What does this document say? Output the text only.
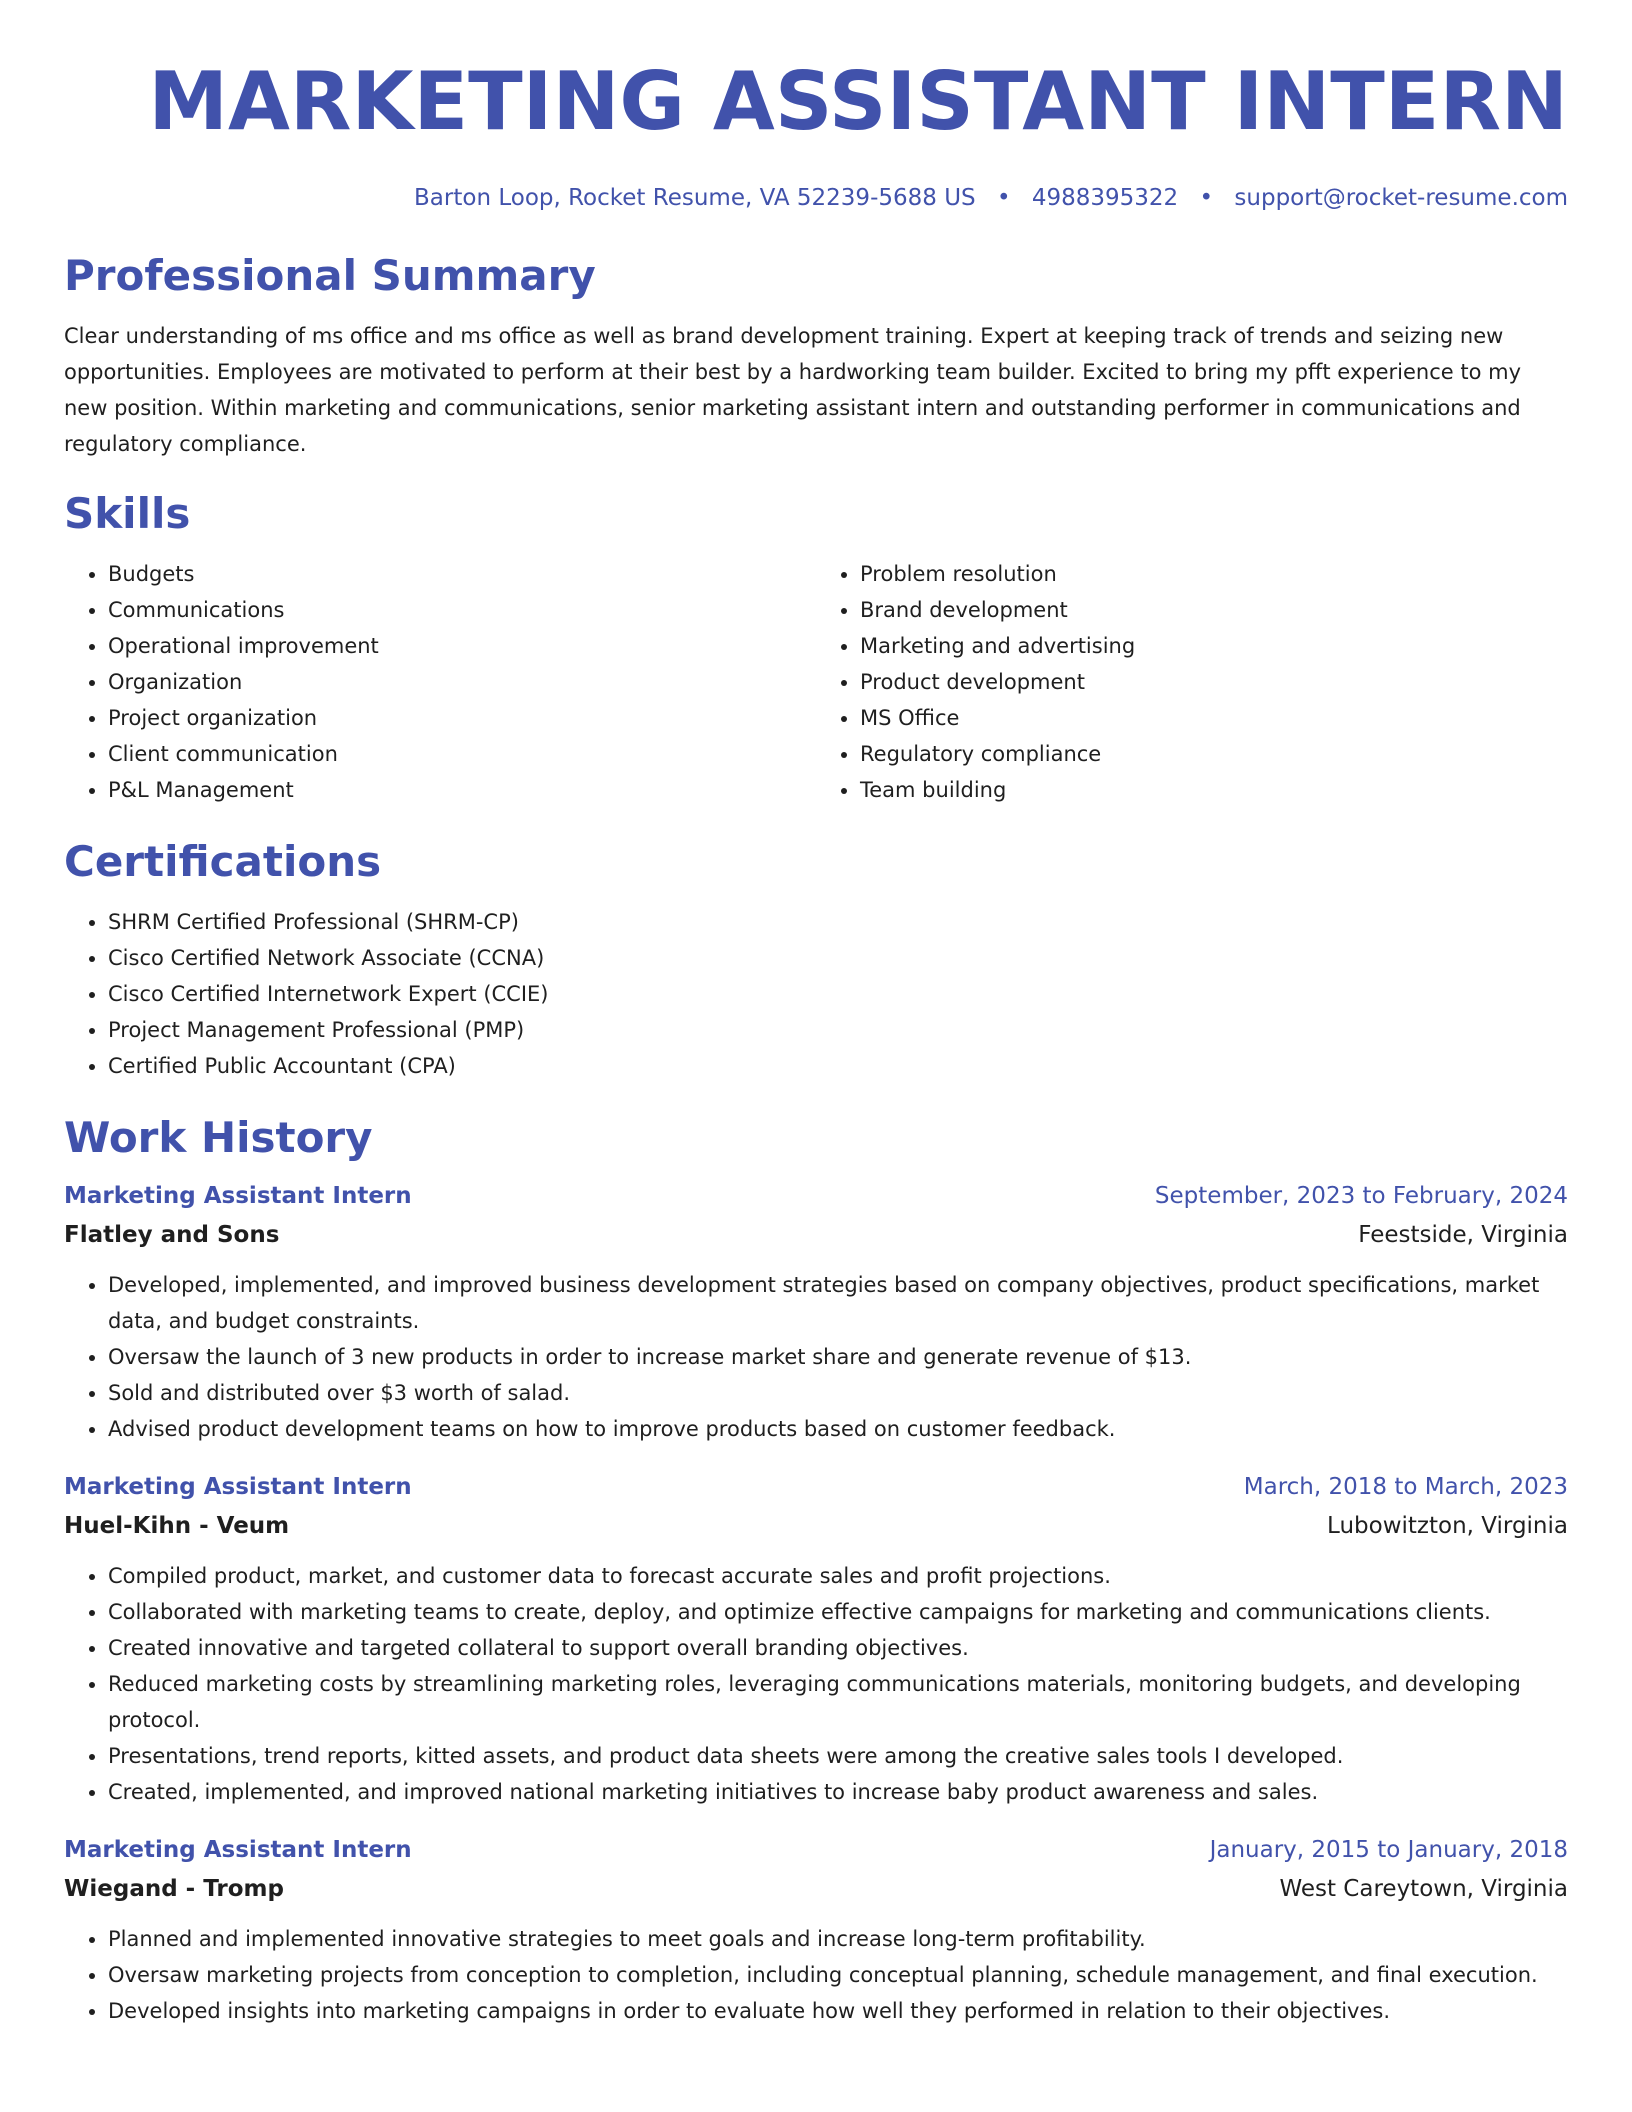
MARKETING ASSISTANT INTERN
Barton Loop, Rocket Resume, VA 52239-5688 US • 4988395322 • support@rocket-resume.com
Professional Summary

Clear understanding of ms office and ms office as well as brand development training. Expert at keeping track of trends and seizing new opportunities. Employees are motivated to perform at their best by a hardworking team builder. Excited to bring my pfft experience to my new position. Within marketing and communications, senior marketing assistant intern and outstanding performer in communications and regulatory compliance.

Skills
• Budgets
• Communications
• Operational improvement
• Organization
• Project organization
• Client communication
• P&L Management
• Problem resolution
• Brand development
• Marketing and advertising
• Product development
• MS Office
• Regulatory compliance
• Team building
Certifications
• SHRM Certified Professional (SHRM-CP)
• Cisco Certified Network Associate (CCNA)
• Cisco Certified Internetwork Expert (CCIE)
• Project Management Professional (PMP)
• Certified Public Accountant (CPA)
Work History
Marketing Assistant Intern	September, 2023 to February, 2024
Flatley and Sons	Feestside, Virginia
• Developed, implemented, and improved business development strategies based on company objectives, product specifications, market data, and budget constraints.
• Oversaw the launch of 3 new products in order to increase market share and generate revenue of $13.
• Sold and distributed over $3 worth of salad.
• Advised product development teams on how to improve products based on customer feedback.
Marketing Assistant Intern	March, 2018 to March, 2023
Huel-Kihn - Veum	Lubowitzton, Virginia
• Compiled product, market, and customer data to forecast accurate sales and profit projections.
• Collaborated with marketing teams to create, deploy, and optimize effective campaigns for marketing and communications clients.
• Created innovative and targeted collateral to support overall branding objectives.
• Reduced marketing costs by streamlining marketing roles, leveraging communications materials, monitoring budgets, and developing protocol.
• Presentations, trend reports, kitted assets, and product data sheets were among the creative sales tools I developed.
• Created, implemented, and improved national marketing initiatives to increase baby product awareness and sales.
Marketing Assistant Intern	January, 2015 to January, 2018
Wiegand - Tromp	West Careytown, Virginia
• Planned and implemented innovative strategies to meet goals and increase long-term profitability.
• Oversaw marketing projects from conception to completion, including conceptual planning, schedule management, and final execution.
• Developed insights into marketing campaigns in order to evaluate how well they performed in relation to their objectives.
